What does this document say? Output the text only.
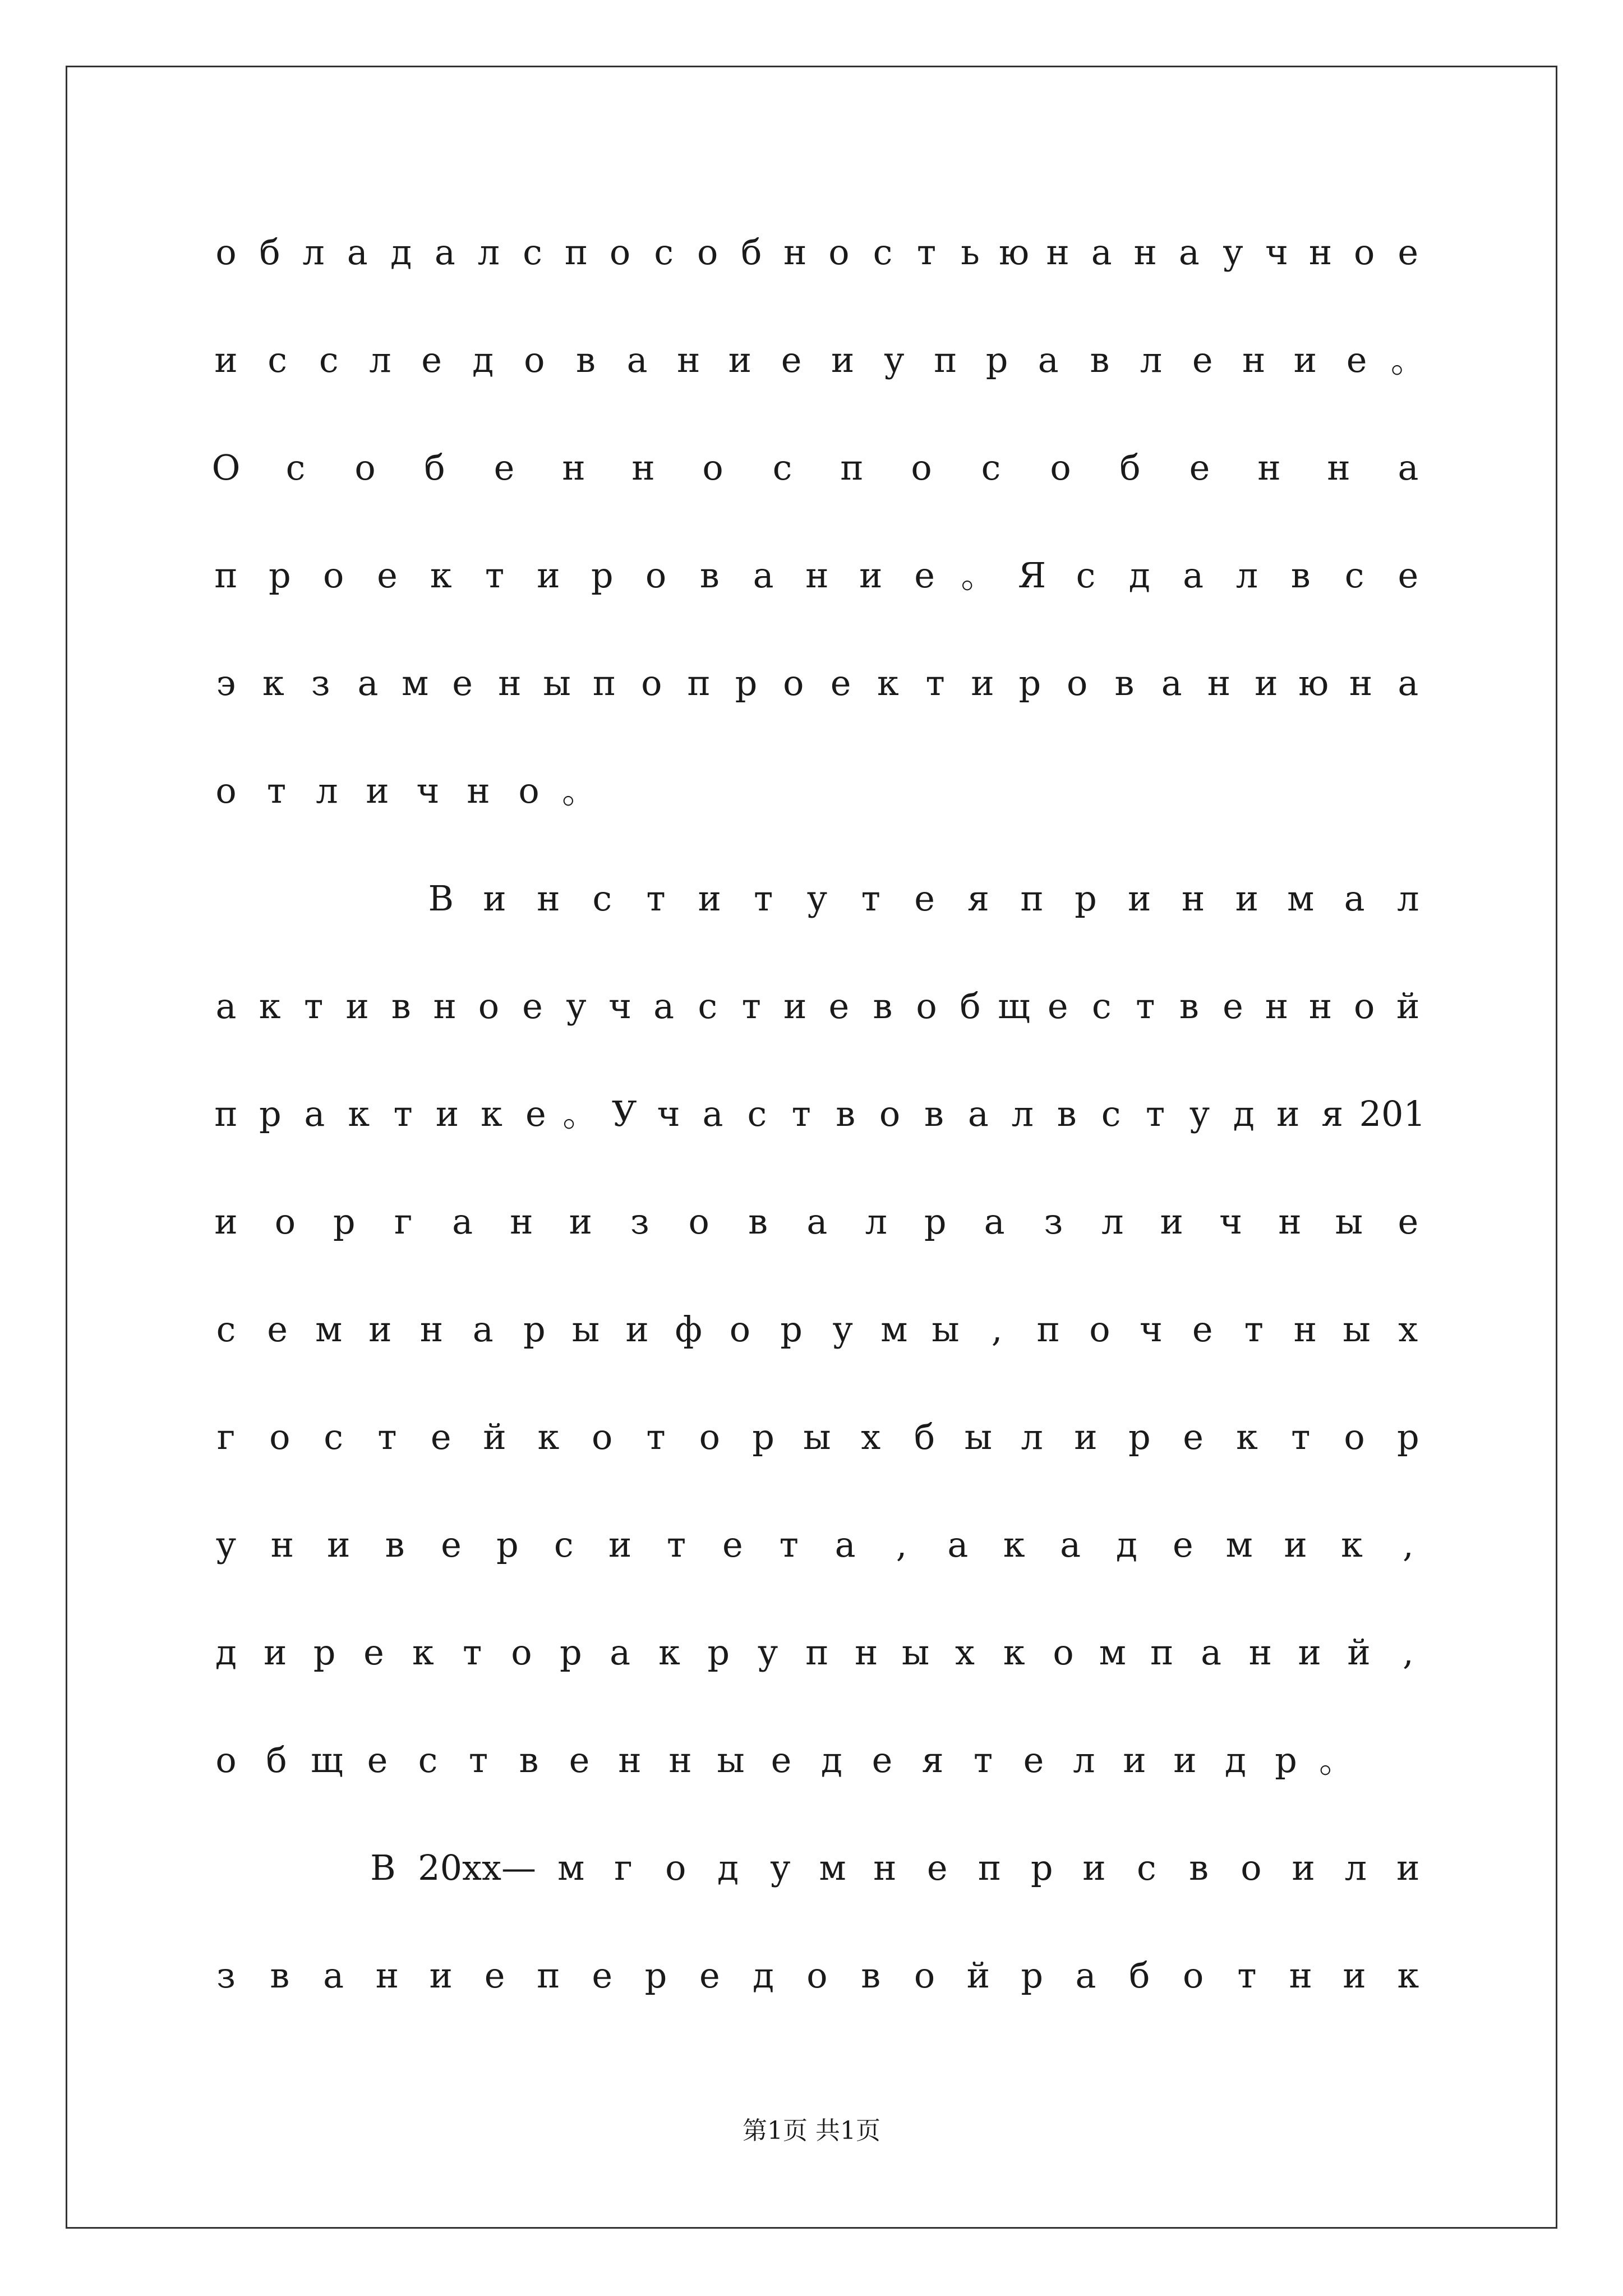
о б л а д а л с п о с о б н о с т ь ю н а н а у ч н о е
и с с л е д о в а н и е и у п р а в л е н и е 。
О с о б е н н о с п о с о б е н н а
п р о е к т и р о в а н и е 。 Я с д а л в с е
э к з а м е н ы п о п р о е к т и р о в а н и ю н а
о т л и ч н о 。
В и н с т и т у т е я п р и н и м а л
а к т и в н о е у ч а с т и е в о б щ е с т в е н н о й
п р а к т и к е 。 У ч а с т в о в а л в с т у д и я 201
и о р г а н и з о в а л р а з л и ч н ы е
с е м и н а р ы и ф о р у м ы , п о ч е т н ы х
г о с т е й к о т о р ы х б ы л и р е к т о р
у н и в е р с и т е т а	,	а к а д е м и к	,
д и р е к т о р а к р у п н ы х к о м п а н и й ,
о б щ е с т в е н н ы е д е я т е л и и д р 。
В 20xx— м г о д у м н е п р и с в о и л и
з в а н и е п е р е д о в о й р а б о т н и к
第1页 共1页
